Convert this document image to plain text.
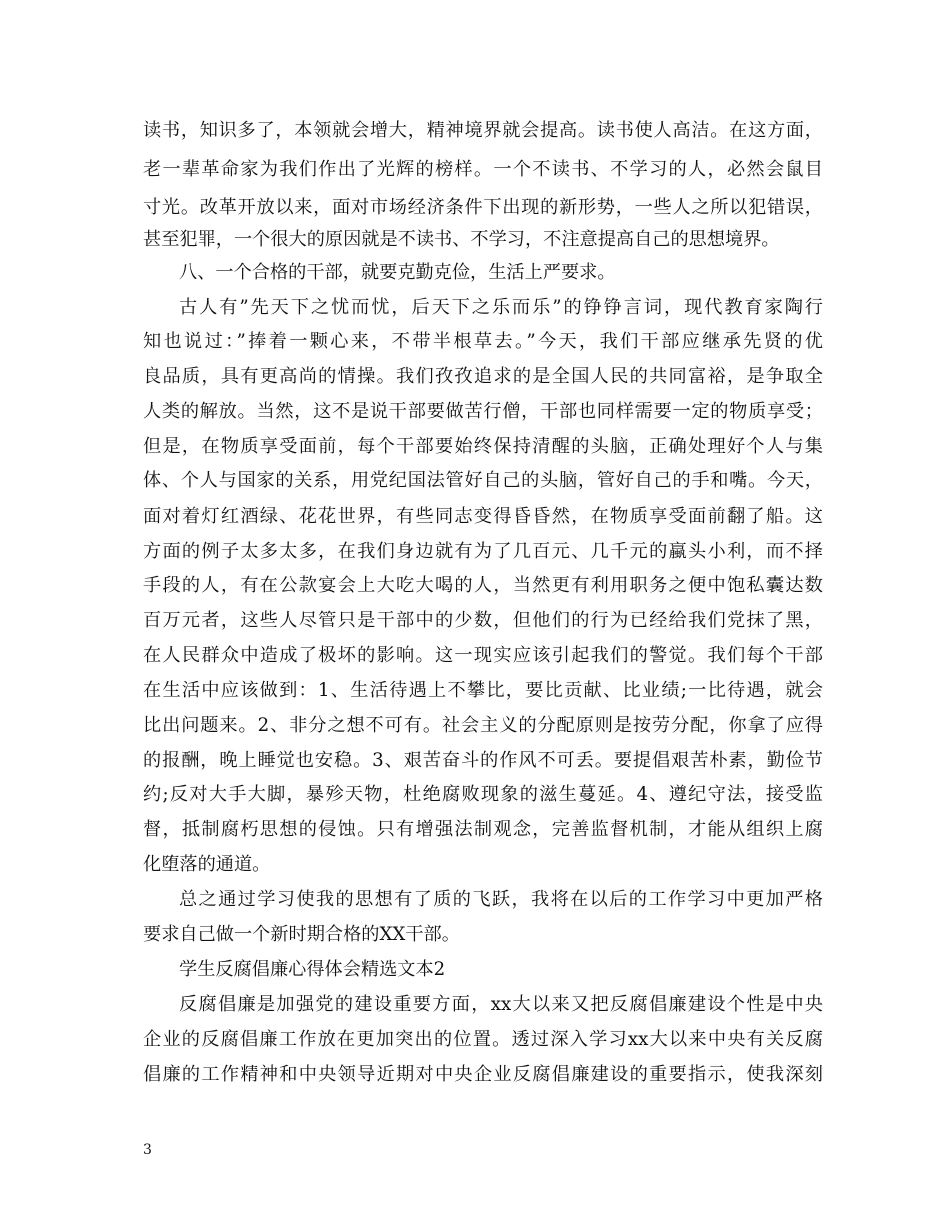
读书，知识多了，本领就会增大，精神境界就会提高。读书使人高洁。在这方面，
老一辈革命家为我们作出了光辉的榜样。一个不读书、不学习的人，必然会鼠目
寸光。改革开放以来，面对市场经济条件下出现的新形势，一些人之所以犯错误，
甚至犯罪，一个很大的原因就是不读书、不学习，不注意提高自己的思想境界。
八、一个合格的干部，就要克勤克俭，生活上严要求。
古人有”先天下之忧而忧，后天下之乐而乐”的铮铮言词，现代教育家陶行
知也说过：”捧着一颗心来，不带半根草去。”今天，我们干部应继承先贤的优
良品质，具有更高尚的情操。我们孜孜追求的是全国人民的共同富裕，是争取全
人类的解放。当然，这不是说干部要做苦行僧，干部也同样需要一定的物质享受；
但是，在物质享受面前，每个干部要始终保持清醒的头脑，正确处理好个人与集
体、个人与国家的关系，用党纪国法管好自己的头脑，管好自己的手和嘴。今天，
面对着灯红酒绿、花花世界，有些同志变得昏昏然，在物质享受面前翻了船。这
方面的例子太多太多，在我们身边就有为了几百元、几千元的蠃头小利，而不择
手段的人，有在公款宴会上大吃大喝的人，当然更有利用职务之便中饱私囊达数
百万元者，这些人尽管只是干部中的少数，但他们的行为已经给我们党抹了黑，
在人民群众中造成了极坏的影响。这一现实应该引起我们的警觉。我们每个干部
在生活中应该做到：1、生活待遇上不攀比，要比贡献、比业绩;一比待遇，就会
比出问题来。2、非分之想不可有。社会主义的分配原则是按劳分配，你拿了应得
的报酬，晚上睡觉也安稳。3、艰苦奋斗的作风不可丢。要提倡艰苦朴素，勤俭节
约;反对大手大脚，暴殄天物，杜绝腐败现象的滋生蔓延。4、遵纪守法，接受监
督，抵制腐朽思想的侵蚀。只有增强法制观念，完善监督机制，才能从组织上腐
化堕落的通道。
总之通过学习使我的思想有了质的飞跃，我将在以后的工作学习中更加严格
要求自己做一个新时期合格的XX干部。
学生反腐倡廉心得体会精选文本2
反腐倡廉是加强党的建设重要方面，xx大以来又把反腐倡廉建设个性是中央
企业的反腐倡廉工作放在更加突出的位置。透过深入学习xx大以来中央有关反腐
倡廉的工作精神和中央领导近期对中央企业反腐倡廉建设的重要指示，使我深刻
3
